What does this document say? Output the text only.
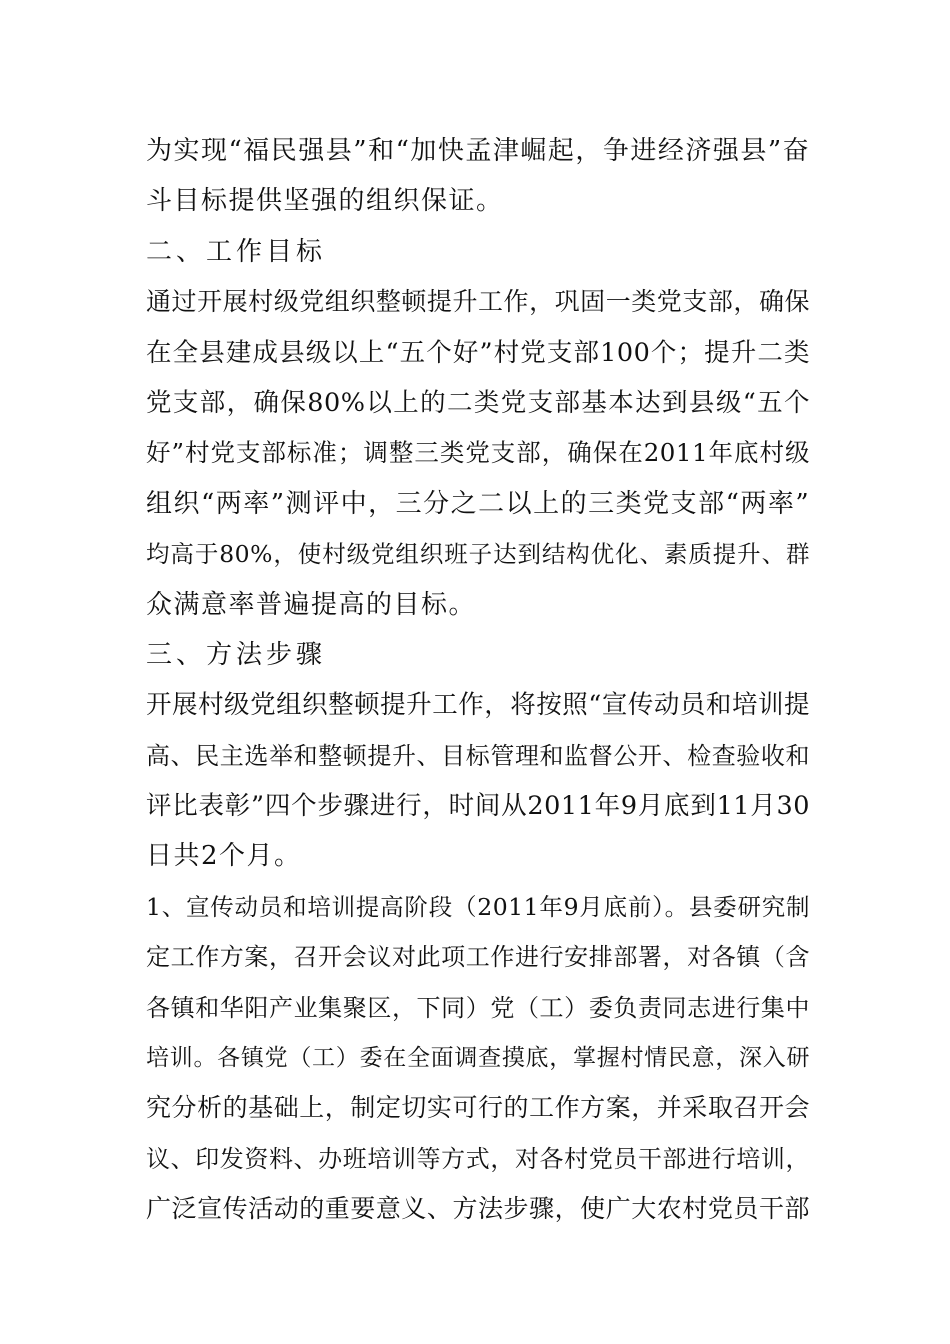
为实现“福民强县”和“加快孟津崛起，争进经济强县”奋
斗目标提供坚强的组织保证。
二、工作目标
通过开展村级党组织整顿提升工作，巩固一类党支部，确保
在全县建成县级以上“五个好”村党支部100个；提升二类
党支部，确保80%以上的二类党支部基本达到县级“五个
好”村党支部标准；调整三类党支部，确保在2011年底村级
组织“两率”测评中，三分之二以上的三类党支部“两率”
均高于80%，使村级党组织班子达到结构优化、素质提升、群
众满意率普遍提高的目标。
三、方法步骤
开展村级党组织整顿提升工作，将按照“宣传动员和培训提
高、民主选举和整顿提升、目标管理和监督公开、检查验收和
评比表彰”四个步骤进行，时间从2011年9月底到11月30
日共2个月。
1、宣传动员和培训提高阶段（2011年9月底前）。县委研究制
定工作方案，召开会议对此项工作进行安排部署，对各镇（含
各镇和华阳产业集聚区，下同）党（工）委负责同志进行集中
培训。各镇党（工）委在全面调查摸底，掌握村情民意，深入研
究分析的基础上，制定切实可行的工作方案，并采取召开会
议、印发资料、办班培训等方式，对各村党员干部进行培训，
广泛宣传活动的重要意义、方法步骤，使广大农村党员干部
